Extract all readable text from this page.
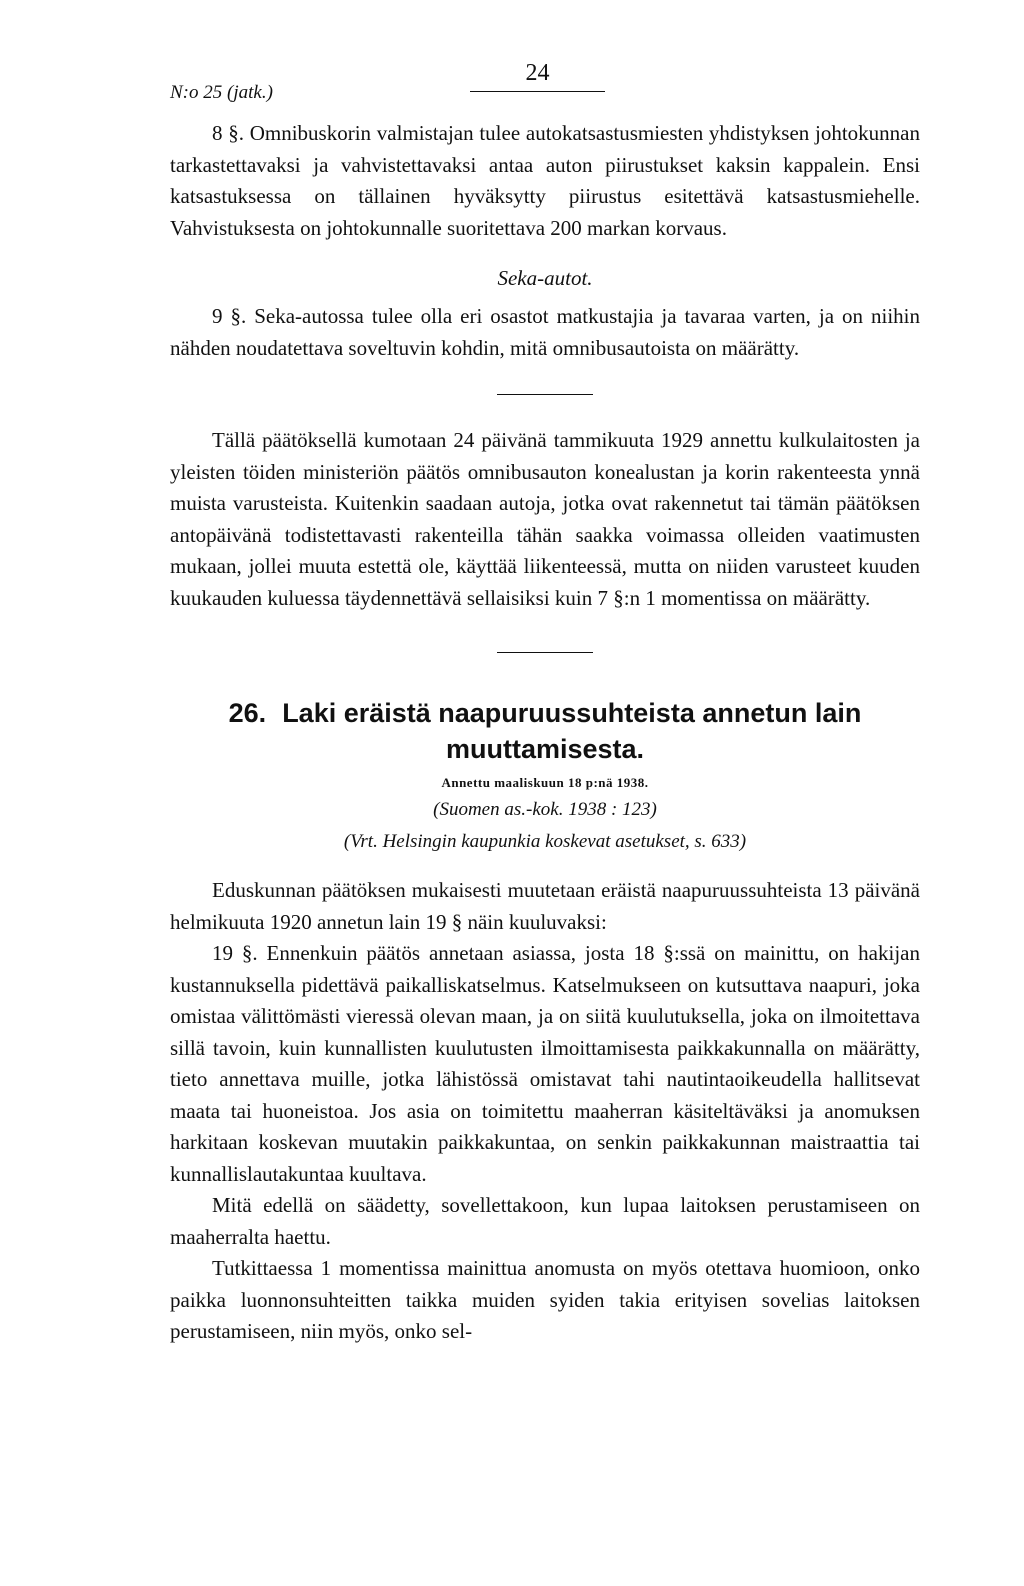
N:o 25 (jatk.)
24

8 §. Omnibuskorin valmistajan tulee autokatsastusmiesten yhdistyksen johtokunnan tarkastettavaksi ja vahvistettavaksi antaa auton piirustukset kaksin kappalein. Ensi katsastuksessa on tällainen hyväksytty piirustus esitettävä katsastusmiehelle. Vahvistuksesta on johtokunnalle suoritettava 200 markan korvaus.

Seka-autot.

9 §. Seka-autossa tulee olla eri osastot matkustajia ja tavaraa varten, ja on niihin nähden noudatettava soveltuvin kohdin, mitä omnibusautoista on määrätty.

Tällä päätöksellä kumotaan 24 päivänä tammikuuta 1929 annettu kulkulaitosten ja yleisten töiden ministeriön päätös omnibusauton konealustan ja korin rakenteesta ynnä muista varusteista. Kuitenkin saadaan autoja, jotka ovat rakennetut tai tämän päätöksen antopäivänä todistettavasti rakenteilla tähän saakka voimassa olleiden vaatimusten mukaan, jollei muuta estettä ole, käyttää liikenteessä, mutta on niiden varusteet kuuden kuukauden kuluessa täydennettävä sellaisiksi kuin 7 §:n 1 momentissa on määrätty.

26. Laki eräistä naapuruussuhteista annetun lain muuttamisesta.
Annettu maaliskuun 18 p:nä 1938.
(Suomen as.-kok. 1938 : 123)
(Vrt. Helsingin kaupunkia koskevat asetukset, s. 633)

Eduskunnan päätöksen mukaisesti muutetaan eräistä naapuruussuhteista 13 päivänä helmikuuta 1920 annetun lain 19 § näin kuuluvaksi:

19 §. Ennenkuin päätös annetaan asiassa, josta 18 §:ssä on mainittu, on hakijan kustannuksella pidettävä paikalliskatselmus. Katselmukseen on kutsuttava naapuri, joka omistaa välittömästi vieressä olevan maan, ja on siitä kuulutuksella, joka on ilmoitettava sillä tavoin, kuin kunnallisten kuulutusten ilmoittamisesta paikkakunnalla on määrätty, tieto annettava muille, jotka lähistössä omistavat tahi nautintaoikeudella hallitsevat maata tai huoneistoa. Jos asia on toimitettu maaherran käsiteltäväksi ja anomuksen harkitaan koskevan muutakin paikkakuntaa, on senkin paikkakunnan maistraattia tai kunnallislautakuntaa kuultava.

Mitä edellä on säädetty, sovellettakoon, kun lupaa laitoksen perustamiseen on maaherralta haettu.

Tutkittaessa 1 momentissa mainittua anomusta on myös otettava huomioon, onko paikka luonnonsuhteitten taikka muiden syiden takia erityisen sovelias laitoksen perustamiseen, niin myös, onko sel-
